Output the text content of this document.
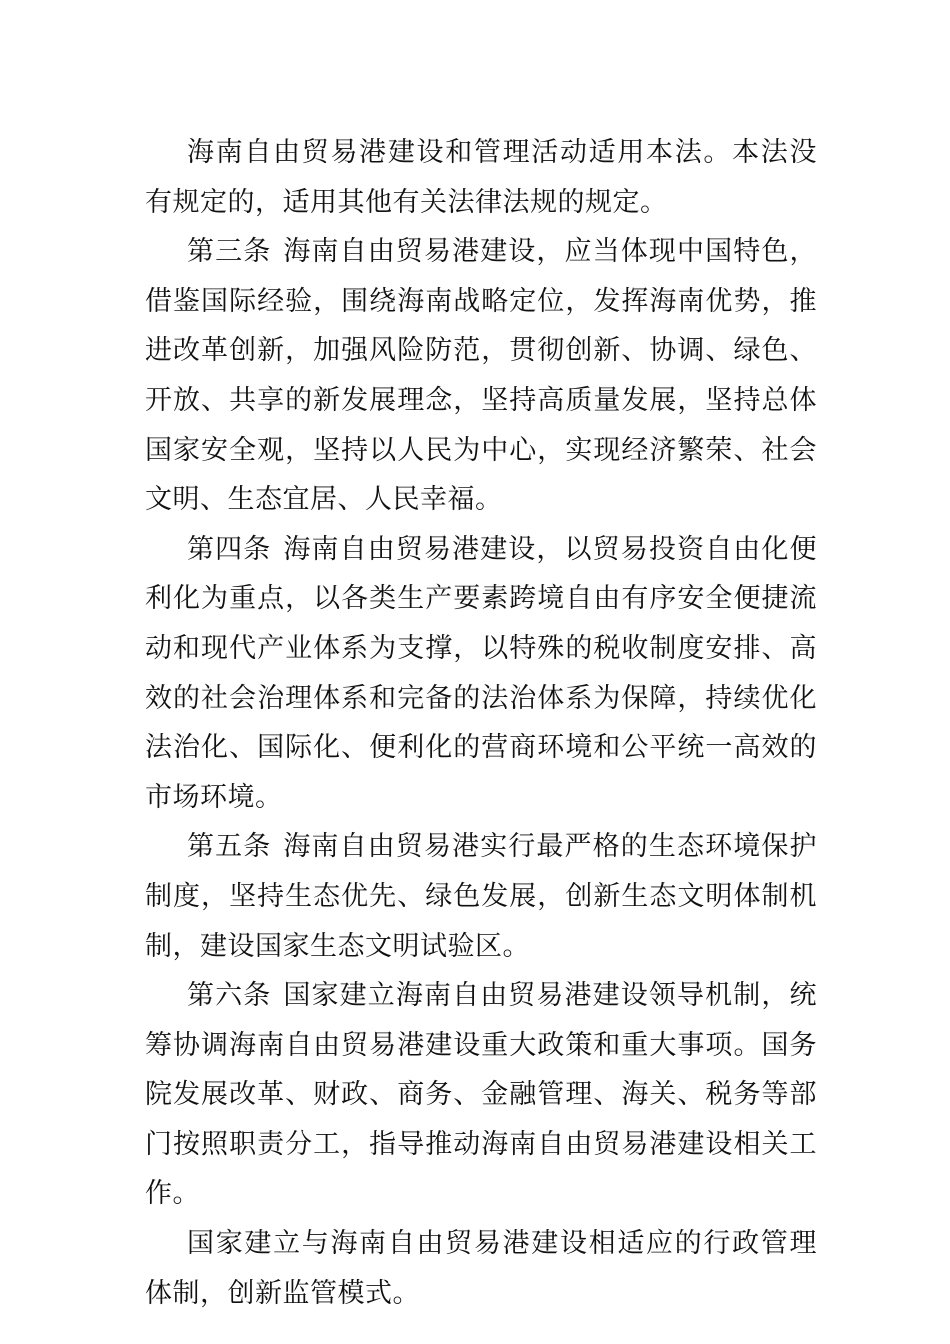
海南自由贸易港建设和管理活动适用本法。本法没有规定的，适用其他有关法律法规的规定。

第三条 海南自由贸易港建设，应当体现中国特色，借鉴国际经验，围绕海南战略定位，发挥海南优势，推进改革创新，加强风险防范，贯彻创新、协调、绿色、开放、共享的新发展理念，坚持高质量发展，坚持总体国家安全观，坚持以人民为中心，实现经济繁荣、社会文明、生态宜居、人民幸福。

第四条 海南自由贸易港建设，以贸易投资自由化便利化为重点，以各类生产要素跨境自由有序安全便捷流动和现代产业体系为支撑，以特殊的税收制度安排、高效的社会治理体系和完备的法治体系为保障，持续优化法治化、国际化、便利化的营商环境和公平统一高效的市场环境。

第五条 海南自由贸易港实行最严格的生态环境保护制度，坚持生态优先、绿色发展，创新生态文明体制机制，建设国家生态文明试验区。

第六条 国家建立海南自由贸易港建设领导机制，统筹协调海南自由贸易港建设重大政策和重大事项。国务院发展改革、财政、商务、金融管理、海关、税务等部门按照职责分工，指导推动海南自由贸易港建设相关工作。

国家建立与海南自由贸易港建设相适应的行政管理体制，创新监管模式。
